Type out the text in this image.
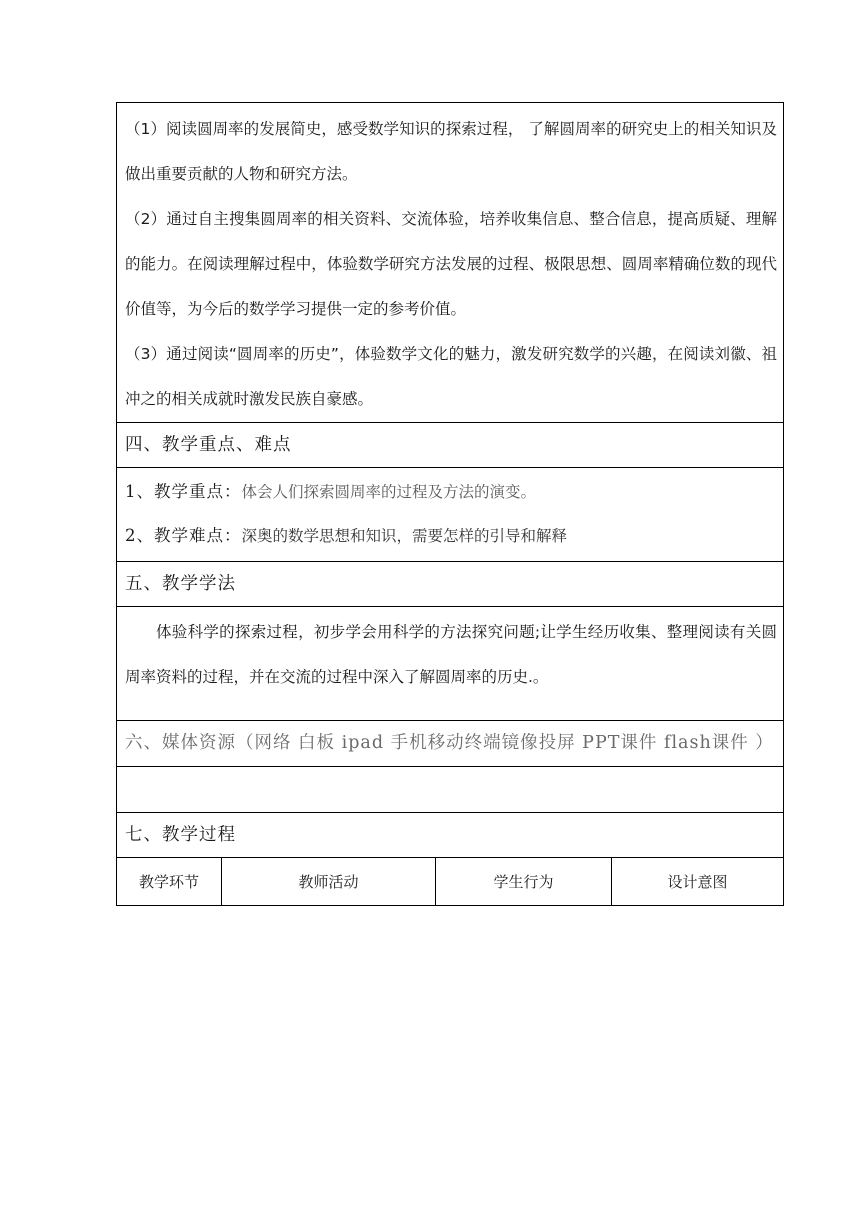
（1）阅读圆周率的发展简史，感受数学知识的探索过程， 了解圆周率的研究史上的相关知识及做出重要贡献的人物和研究方法。

（2）通过自主搜集圆周率的相关资料、交流体验，培养收集信息、整合信息，提高质疑、理解的能力。在阅读理解过程中，体验数学研究方法发展的过程、极限思想、圆周率精确位数的现代价值等，为今后的数学学习提供一定的参考价值。

（3）通过阅读“圆周率的历史”，体验数学文化的魅力，激发研究数学的兴趣，在阅读刘徽、祖冲之的相关成就时激发民族自豪感。

四、教学重点、难点

1、教学重点：体会人们探索圆周率的过程及方法的演变。

2、教学难点：深奥的数学思想和知识，需要怎样的引导和解释

五、教学学法

体验科学的探索过程，初步学会用科学的方法探究问题;让学生经历收集、整理阅读有关圆周率资料的过程，并在交流的过程中深入了解圆周率的历史.。

六、媒体资源（网络 白板 ipad 手机移动终端镜像投屏 PPT课件 flash课件 ）

七、教学过程

教学环节	教师活动	学生行为	设计意图
